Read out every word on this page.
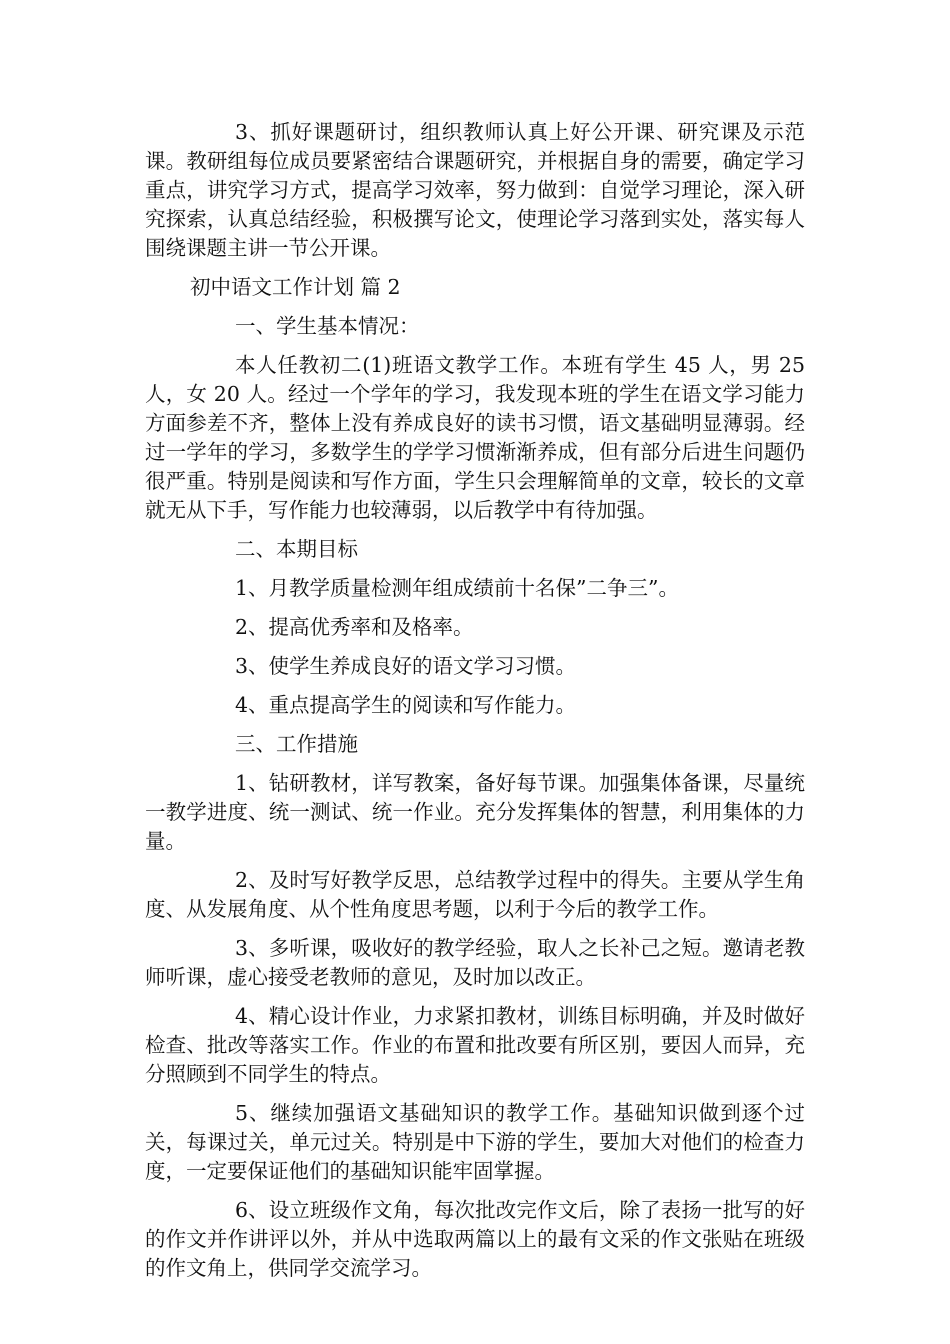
3、抓好课题研讨，组织教师认真上好公开课、研究课及示范课。教研组每位成员要紧密结合课题研究，并根据自身的需要，确定学习重点，讲究学习方式，提高学习效率，努力做到：自觉学习理论，深入研究探索，认真总结经验，积极撰写论文，使理论学习落到实处，落实每人围绕课题主讲一节公开课。

初中语文工作计划 篇 2

一、学生基本情况：

本人任教初二(1)班语文教学工作。本班有学生 45 人，男 25 人，女 20 人。经过一个学年的学习，我发现本班的学生在语文学习能力方面参差不齐，整体上没有养成良好的读书习惯，语文基础明显薄弱。经过一学年的学习，多数学生的学学习惯渐渐养成，但有部分后进生问题仍很严重。特别是阅读和写作方面，学生只会理解简单的文章，较长的文章就无从下手，写作能力也较薄弱，以后教学中有待加强。

二、本期目标

1、月教学质量检测年组成绩前十名保”二争三”。

2、提高优秀率和及格率。

3、使学生养成良好的语文学习习惯。

4、重点提高学生的阅读和写作能力。

三、工作措施

1、钻研教材，详写教案，备好每节课。加强集体备课，尽量统一教学进度、统一测试、统一作业。充分发挥集体的智慧，利用集体的力量。

2、及时写好教学反思，总结教学过程中的得失。主要从学生角度、从发展角度、从个性角度思考题，以利于今后的教学工作。

3、多听课，吸收好的教学经验，取人之长补己之短。邀请老教师听课，虚心接受老教师的意见，及时加以改正。

4、精心设计作业，力求紧扣教材，训练目标明确，并及时做好检查、批改等落实工作。作业的布置和批改要有所区别，要因人而异，充分照顾到不同学生的特点。

5、继续加强语文基础知识的教学工作。基础知识做到逐个过关，每课过关，单元过关。特别是中下游的学生，要加大对他们的检查力度，一定要保证他们的基础知识能牢固掌握。

6、设立班级作文角，每次批改完作文后，除了表扬一批写的好的作文并作讲评以外，并从中选取两篇以上的最有文采的作文张贴在班级的作文角上，供同学交流学习。
